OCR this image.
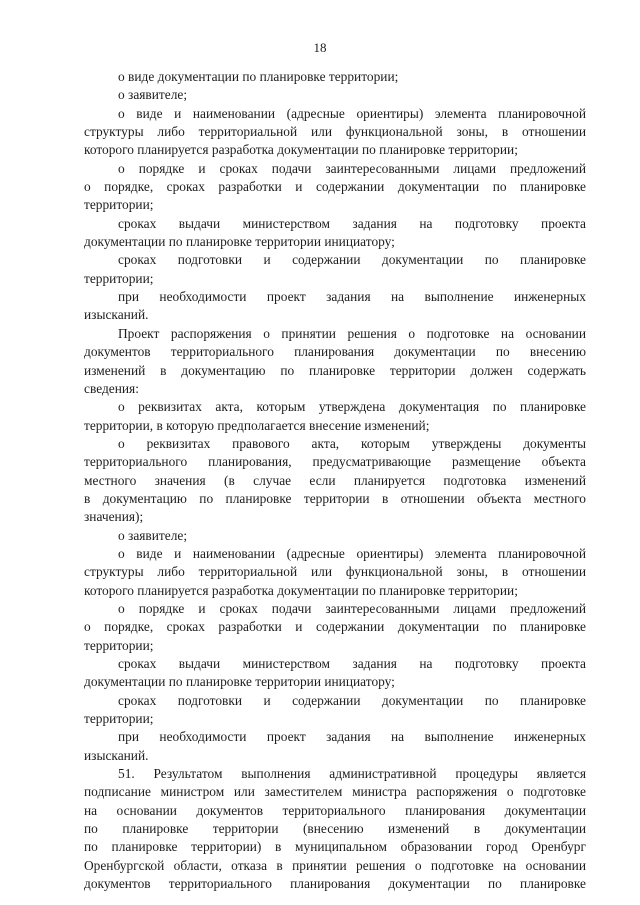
18
о виде документации по планировке территории;
о заявителе;
о виде и наименовании (адресные ориентиры) элемента планировочной
структуры либо территориальной или функциональной зоны, в отношении
которого планируется разработка документации по планировке территории;
о порядке и сроках подачи заинтересованными лицами предложений
о порядке, сроках разработки и содержании документации по планировке
территории;
сроках выдачи министерством задания на подготовку проекта
документации по планировке территории инициатору;
сроках подготовки и содержании документации по планировке
территории;
при необходимости проект задания на выполнение инженерных
изысканий.
Проект распоряжения о принятии решения о подготовке на основании
документов территориального планирования документации по внесению
изменений в документацию по планировке территории должен содержать
сведения:
о реквизитах акта, которым утверждена документация по планировке
территории, в которую предполагается внесение изменений;
о реквизитах правового акта, которым утверждены документы
территориального планирования, предусматривающие размещение объекта
местного значения (в случае если планируется подготовка изменений
в документацию по планировке территории в отношении объекта местного
значения);
о заявителе;
о виде и наименовании (адресные ориентиры) элемента планировочной
структуры либо территориальной или функциональной зоны, в отношении
которого планируется разработка документации по планировке территории;
о порядке и сроках подачи заинтересованными лицами предложений
о порядке, сроках разработки и содержании документации по планировке
территории;
сроках выдачи министерством задания на подготовку проекта
документации по планировке территории инициатору;
сроках подготовки и содержании документации по планировке
территории;
при необходимости проект задания на выполнение инженерных
изысканий.
51. Результатом выполнения административной процедуры является
подписание министром или заместителем министра распоряжения о подготовке
на основании документов территориального планирования документации
по планировке территории (внесению изменений в документации
по планировке территории) в муниципальном образовании город Оренбург
Оренбургской области, отказа в принятии решения о подготовке на основании
документов территориального планирования документации по планировке
